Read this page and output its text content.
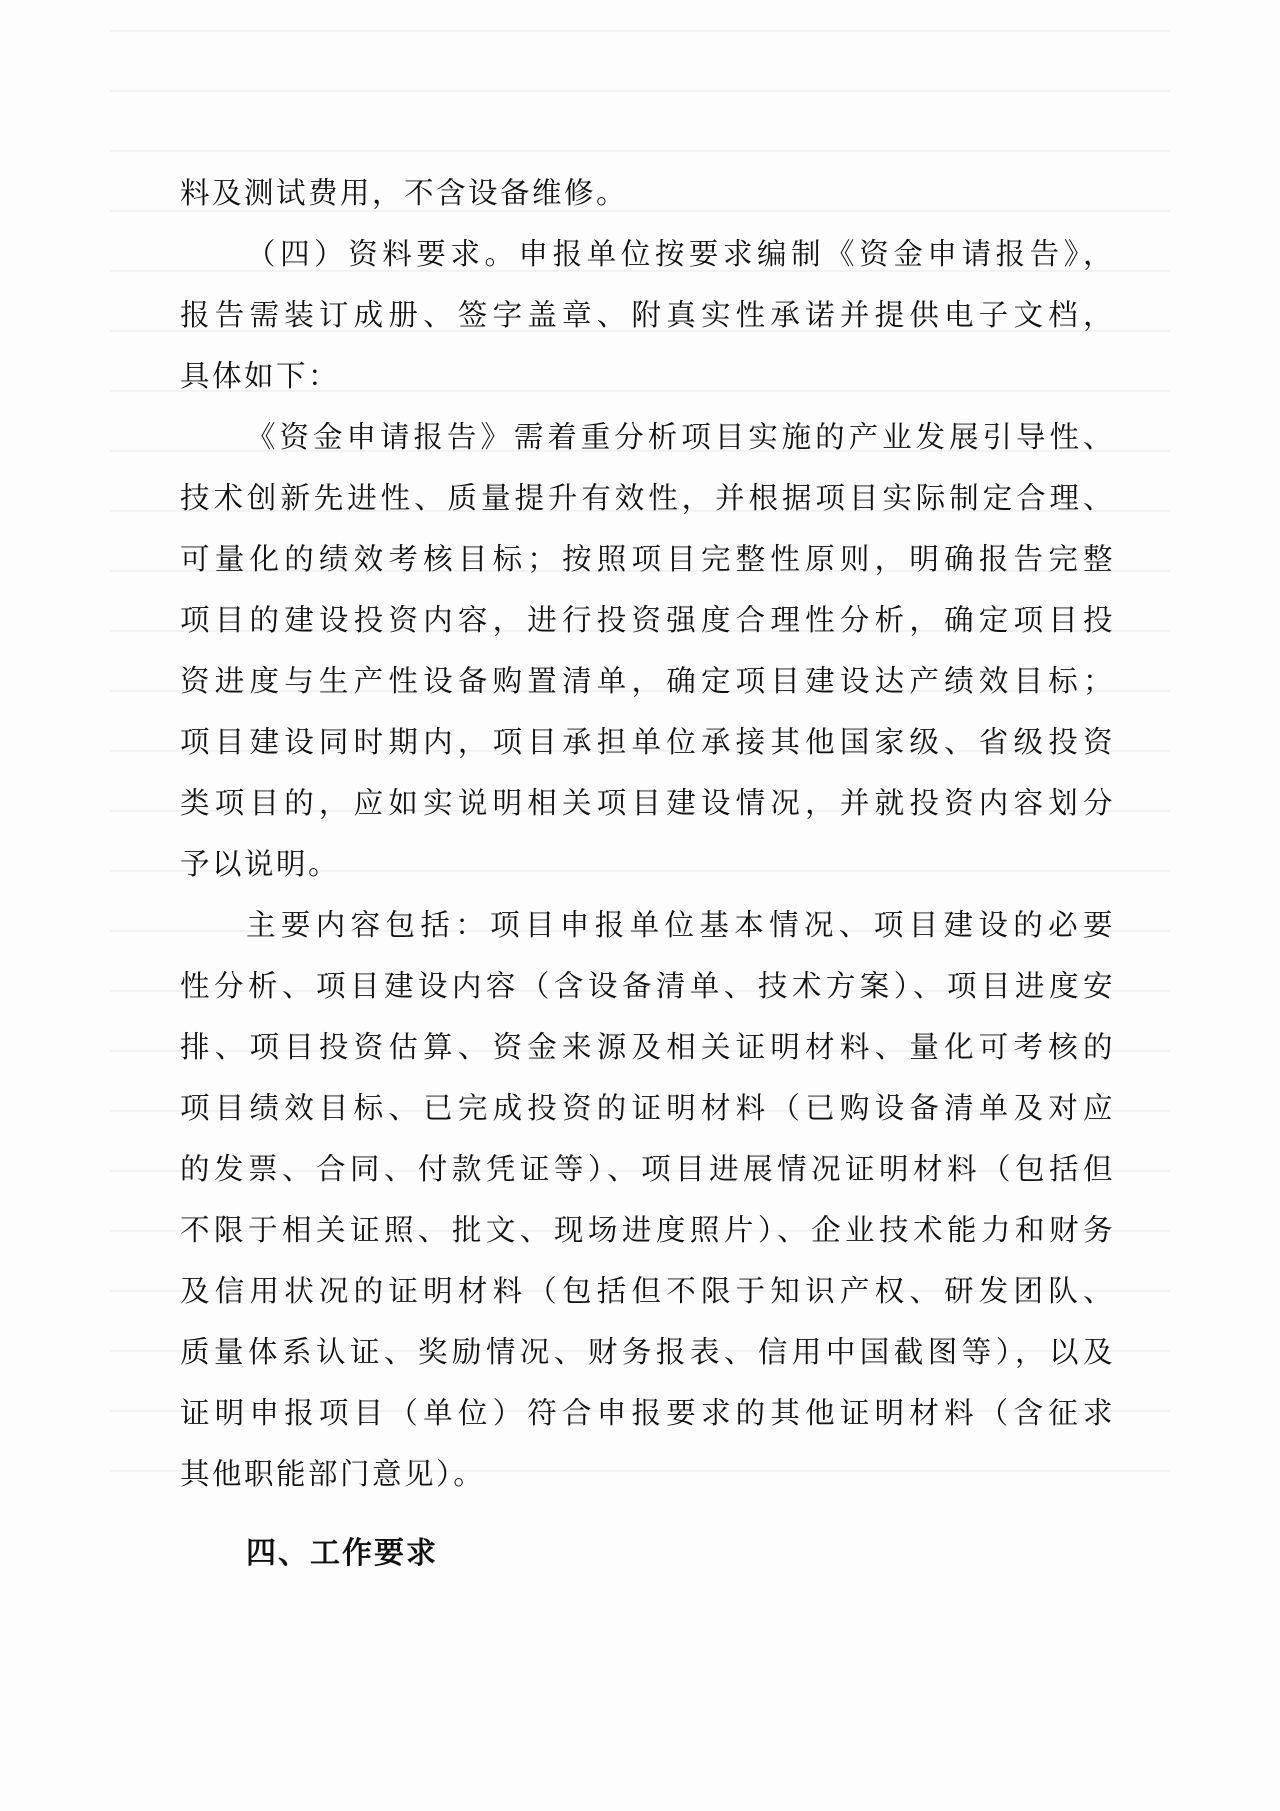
料及测试费用，不含设备维修。
（四）资料要求。申报单位按要求编制《资金申请报告》，
报告需装订成册、签字盖章、附真实性承诺并提供电子文档，
具体如下：
《资金申请报告》需着重分析项目实施的产业发展引导性、
技术创新先进性、质量提升有效性，并根据项目实际制定合理、
可量化的绩效考核目标；按照项目完整性原则，明确报告完整
项目的建设投资内容，进行投资强度合理性分析，确定项目投
资进度与生产性设备购置清单，确定项目建设达产绩效目标；
项目建设同时期内，项目承担单位承接其他国家级、省级投资
类项目的，应如实说明相关项目建设情况，并就投资内容划分
予以说明。
主要内容包括：项目申报单位基本情况、项目建设的必要
性分析、项目建设内容（含设备清单、技术方案）、项目进度安
排、项目投资估算、资金来源及相关证明材料、量化可考核的
项目绩效目标、已完成投资的证明材料（已购设备清单及对应
的发票、合同、付款凭证等）、项目进展情况证明材料（包括但
不限于相关证照、批文、现场进度照片）、企业技术能力和财务
及信用状况的证明材料（包括但不限于知识产权、研发团队、
质量体系认证、奖励情况、财务报表、信用中国截图等），以及
证明申报项目（单位）符合申报要求的其他证明材料（含征求
其他职能部门意见）。
四、工作要求
